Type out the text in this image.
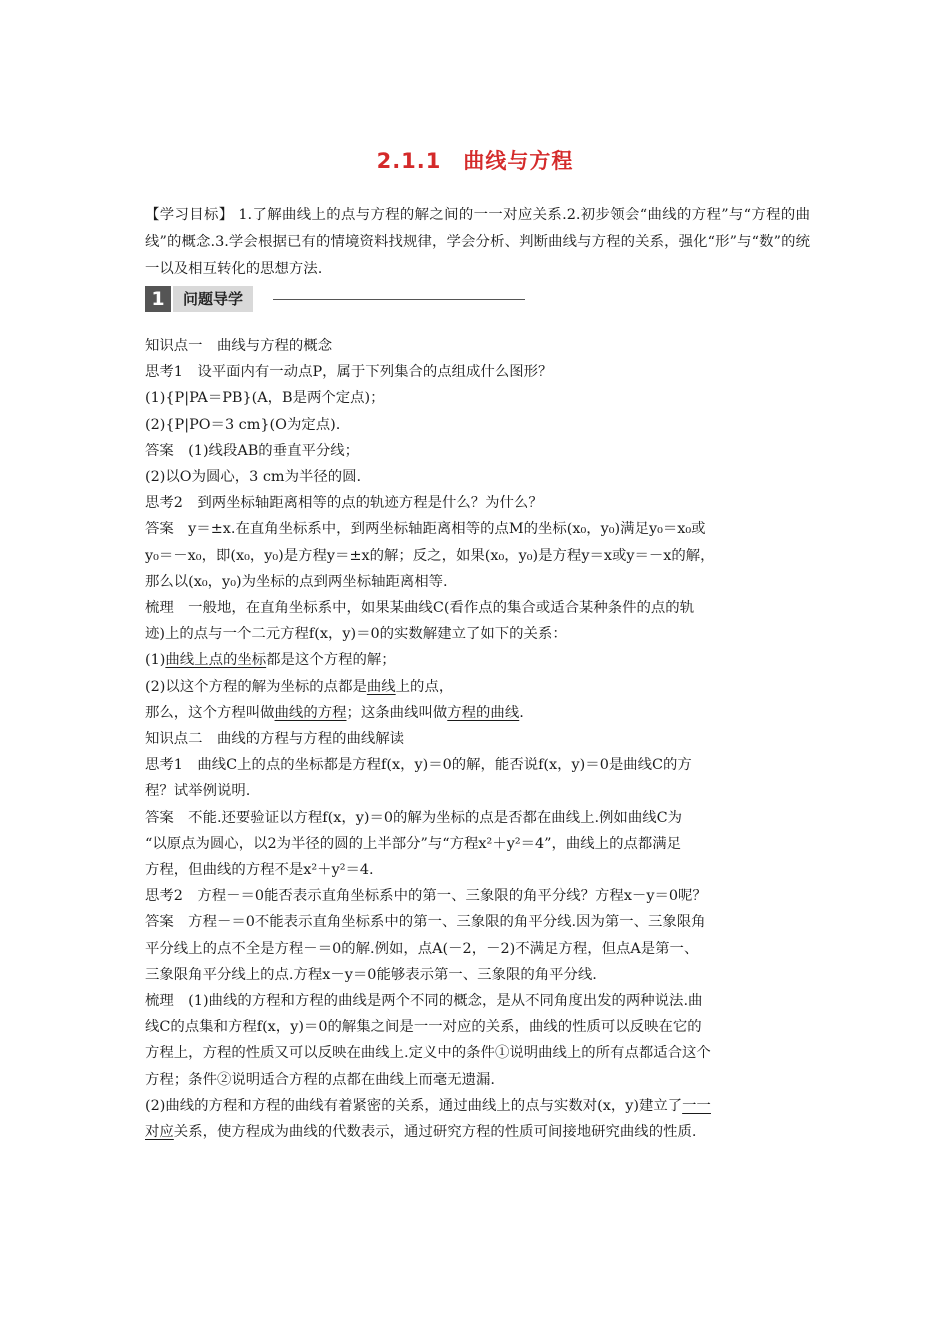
2.1.1　曲线与方程
【学习目标】 1.了解曲线上的点与方程的解之间的一一对应关系.2.初步领会“曲线的方程”与“方程的曲线”的概念.3.学会根据已有的情境资料找规律，学会分析、判断曲线与方程的关系，强化“形”与“数”的统一以及相互转化的思想方法.
1	问题导学

知识点一　曲线与方程的概念

思考1　设平面内有一动点P，属于下列集合的点组成什么图形？

(1){P|PA＝PB}(A，B是两个定点)；

(2){P|PO＝3 cm}(O为定点).

答案　(1)线段AB的垂直平分线；

(2)以O为圆心，3 cm为半径的圆.

思考2　到两坐标轴距离相等的点的轨迹方程是什么？为什么？

答案　y＝±x.在直角坐标系中，到两坐标轴距离相等的点M的坐标(x₀，y₀)满足y₀＝x₀或

y₀＝－x₀，即(x₀，y₀)是方程y＝±x的解；反之，如果(x₀，y₀)是方程y＝x或y＝－x的解，

那么以(x₀，y₀)为坐标的点到两坐标轴距离相等.

梳理　一般地，在直角坐标系中，如果某曲线C(看作点的集合或适合某种条件的点的轨

迹)上的点与一个二元方程f(x，y)＝0的实数解建立了如下的关系：

(1)曲线上点的坐标都是这个方程的解；

(2)以这个方程的解为坐标的点都是曲线上的点，

那么，这个方程叫做曲线的方程；这条曲线叫做方程的曲线.

知识点二　曲线的方程与方程的曲线解读

思考1　曲线C上的点的坐标都是方程f(x，y)＝0的解，能否说f(x，y)＝0是曲线C的方

程？试举例说明.

答案　不能.还要验证以方程f(x，y)＝0的解为坐标的点是否都在曲线上.例如曲线C为

“以原点为圆心，以2为半径的圆的上半部分”与“方程x²＋y²＝4”，曲线上的点都满足

方程，但曲线的方程不是x²＋y²＝4.

思考2　方程－＝0能否表示直角坐标系中的第一、三象限的角平分线？方程x－y＝0呢？

答案　方程－＝0不能表示直角坐标系中的第一、三象限的角平分线.因为第一、三象限角

平分线上的点不全是方程－＝0的解.例如，点A(－2，－2)不满足方程，但点A是第一、

三象限角平分线上的点.方程x－y＝0能够表示第一、三象限的角平分线.

梳理　(1)曲线的方程和方程的曲线是两个不同的概念，是从不同角度出发的两种说法.曲

线C的点集和方程f(x，y)＝0的解集之间是一一对应的关系，曲线的性质可以反映在它的

方程上，方程的性质又可以反映在曲线上.定义中的条件①说明曲线上的所有点都适合这个

方程；条件②说明适合方程的点都在曲线上而毫无遗漏.

(2)曲线的方程和方程的曲线有着紧密的关系，通过曲线上的点与实数对(x，y)建立了一一

对应关系，使方程成为曲线的代数表示，通过研究方程的性质可间接地研究曲线的性质.
